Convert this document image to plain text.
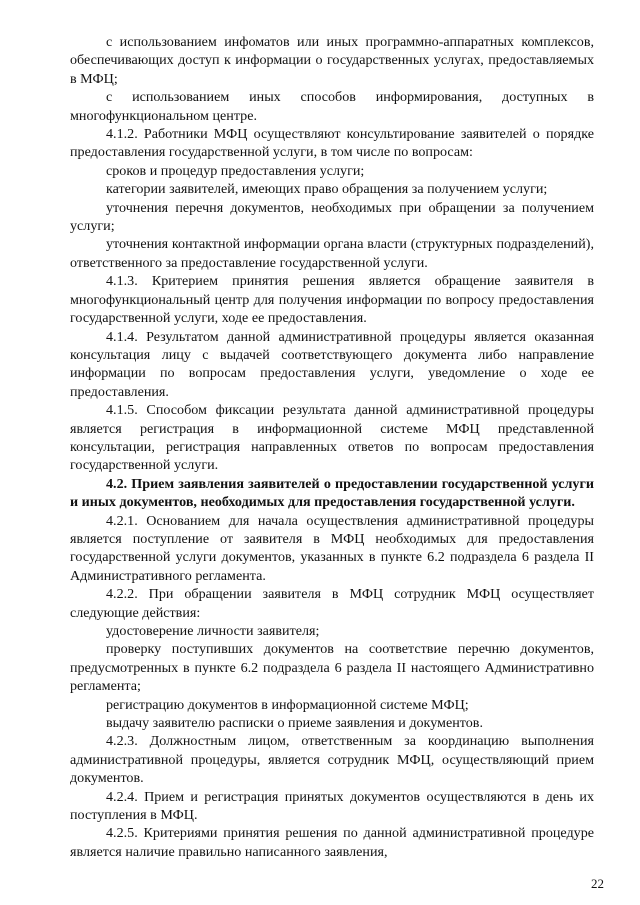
с использованием инфоматов или иных программно-аппаратных комплексов, обеспечивающих доступ к информации о государственных услугах, предоставляемых в МФЦ;

с использованием иных способов информирования, доступных в многофункциональном центре.

4.1.2. Работники МФЦ осуществляют консультирование заявителей о порядке предоставления государственной услуги, в том числе по вопросам:

сроков и процедур предоставления услуги;

категории заявителей, имеющих право обращения за получением услуги;

уточнения перечня документов, необходимых при обращении за получением услуги;

уточнения контактной информации органа власти (структурных подразделений), ответственного за предоставление государственной услуги.

4.1.3. Критерием принятия решения является обращение заявителя в многофункциональный центр для получения информации по вопросу предоставления государственной услуги, ходе ее предоставления.

4.1.4. Результатом данной административной процедуры является оказанная консультация лицу с выдачей соответствующего документа либо направление информации по вопросам предоставления услуги, уведомление о ходе ее предоставления.

4.1.5. Способом фиксации результата данной административной процедуры является регистрация в информационной системе МФЦ представленной консультации, регистрация направленных ответов по вопросам предоставления государственной услуги.

4.2. Прием заявления заявителей о предоставлении государственной услуги и иных документов, необходимых для предоставления государственной услуги.

4.2.1. Основанием для начала осуществления административной процедуры является поступление от заявителя в МФЦ необходимых для предоставления государственной услуги документов, указанных в пункте 6.2 подраздела 6 раздела II Административного регламента.

4.2.2. При обращении заявителя в МФЦ сотрудник МФЦ осуществляет следующие действия:

удостоверение личности заявителя;

проверку поступивших документов на соответствие перечню документов, предусмотренных в пункте 6.2 подраздела 6 раздела II настоящего Административно регламента;

регистрацию документов в информационной системе МФЦ;

выдачу заявителю расписки о приеме заявления и документов.

4.2.3. Должностным лицом, ответственным за координацию выполнения административной процедуры, является сотрудник МФЦ, осуществляющий прием документов.

4.2.4. Прием и регистрация принятых документов осуществляются в день их поступления в МФЦ.

4.2.5. Критериями принятия решения по данной административной процедуре является наличие правильно написанного заявления,

22
